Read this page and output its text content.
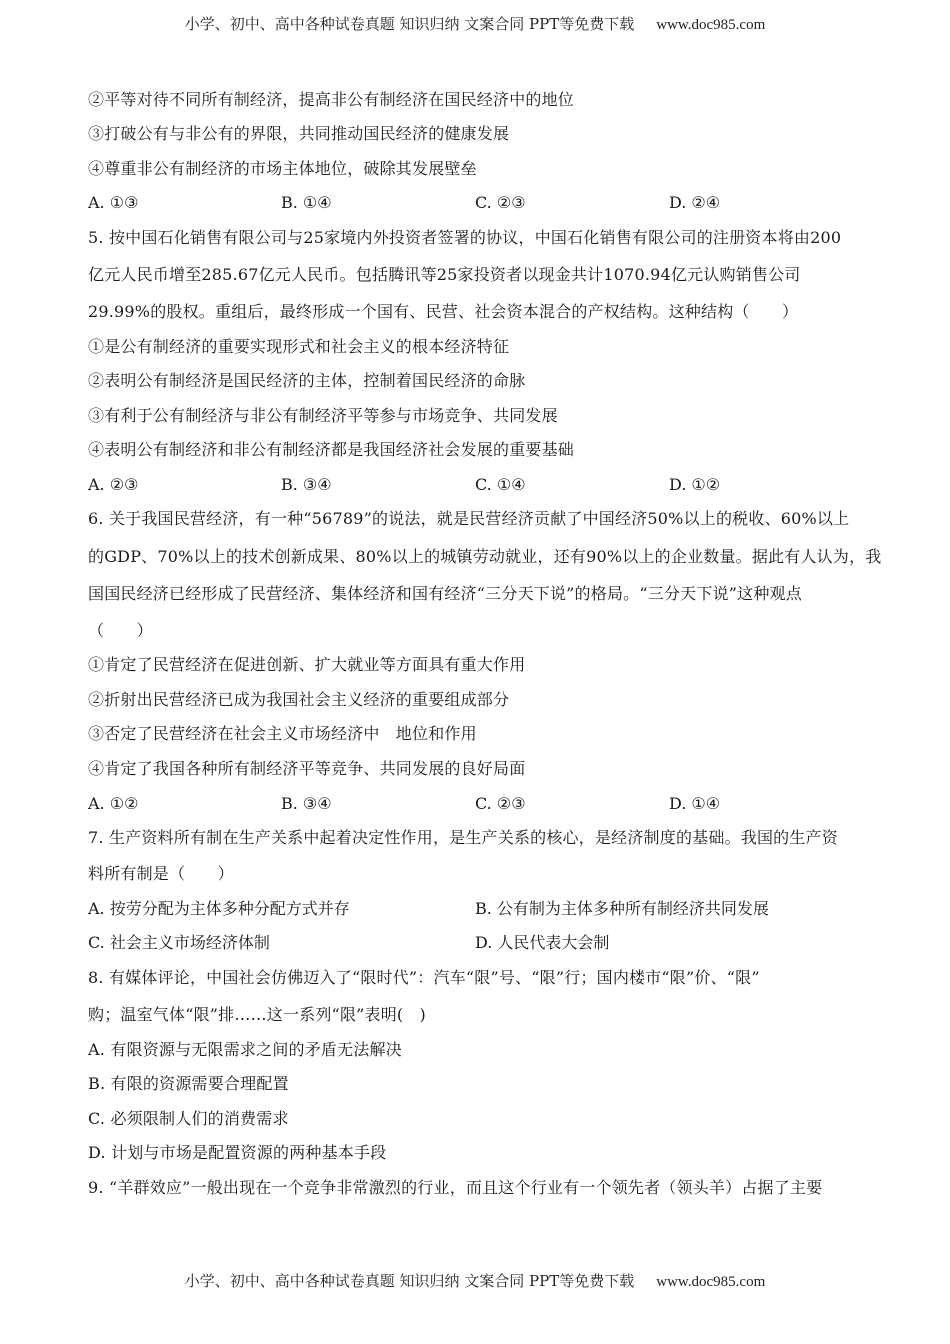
小学、初中、高中各种试卷真题 知识归纳 文案合同 PPT等免费下载 www.doc985.com
②平等对待不同所有制经济，提高非公有制经济在国民经济中的地位
③打破公有与非公有的界限，共同推动国民经济的健康发展
④尊重非公有制经济的市场主体地位，破除其发展壁垒
A. ①③	B. ①④	C. ②③	D. ②④
5. 按中国石化销售有限公司与25家境内外投资者签署的协议，中国石化销售有限公司的注册资本将由200
亿元人民币增至285.67亿元人民币。包括腾讯等25家投资者以现金共计1070.94亿元认购销售公司
29.99%的股权。重组后，最终形成一个国有、民营、社会资本混合的产权结构。这种结构（　　）
①是公有制经济的重要实现形式和社会主义的根本经济特征
②表明公有制经济是国民经济的主体，控制着国民经济的命脉
③有利于公有制经济与非公有制经济平等参与市场竞争、共同发展
④表明公有制经济和非公有制经济都是我国经济社会发展的重要基础
A. ②③	B. ③④	C. ①④	D. ①②
6. 关于我国民营经济，有一种“56789”的说法，就是民营经济贡献了中国经济50%以上的税收、60%以上
的GDP、70%以上的技术创新成果、80%以上的城镇劳动就业，还有90%以上的企业数量。据此有人认为，我
国国民经济已经形成了民营经济、集体经济和国有经济“三分天下说”的格局。“三分天下说”这种观点
（　　）
①肯定了民营经济在促进创新、扩大就业等方面具有重大作用
②折射出民营经济已成为我国社会主义经济的重要组成部分
③否定了民营经济在社会主义市场经济中　地位和作用
④肯定了我国各种所有制经济平等竞争、共同发展的良好局面
A. ①②	B. ③④	C. ②③	D. ①④
7. 生产资料所有制在生产关系中起着决定性作用，是生产关系的核心，是经济制度的基础。我国的生产资
料所有制是（　　）
A. 按劳分配为主体多种分配方式并存	B. 公有制为主体多种所有制经济共同发展
C. 社会主义市场经济体制	D. 人民代表大会制
8. 有媒体评论，中国社会仿佛迈入了“限时代”：汽车“限”号、“限”行；国内楼市“限”价、“限”
购；温室气体“限”排……这一系列“限”表明(　)
A. 有限资源与无限需求之间的矛盾无法解决
B. 有限的资源需要合理配置
C. 必须限制人们的消费需求
D. 计划与市场是配置资源的两种基本手段
9. “羊群效应”一般出现在一个竞争非常激烈的行业，而且这个行业有一个领先者（领头羊）占据了主要
小学、初中、高中各种试卷真题 知识归纳 文案合同 PPT等免费下载 www.doc985.com
